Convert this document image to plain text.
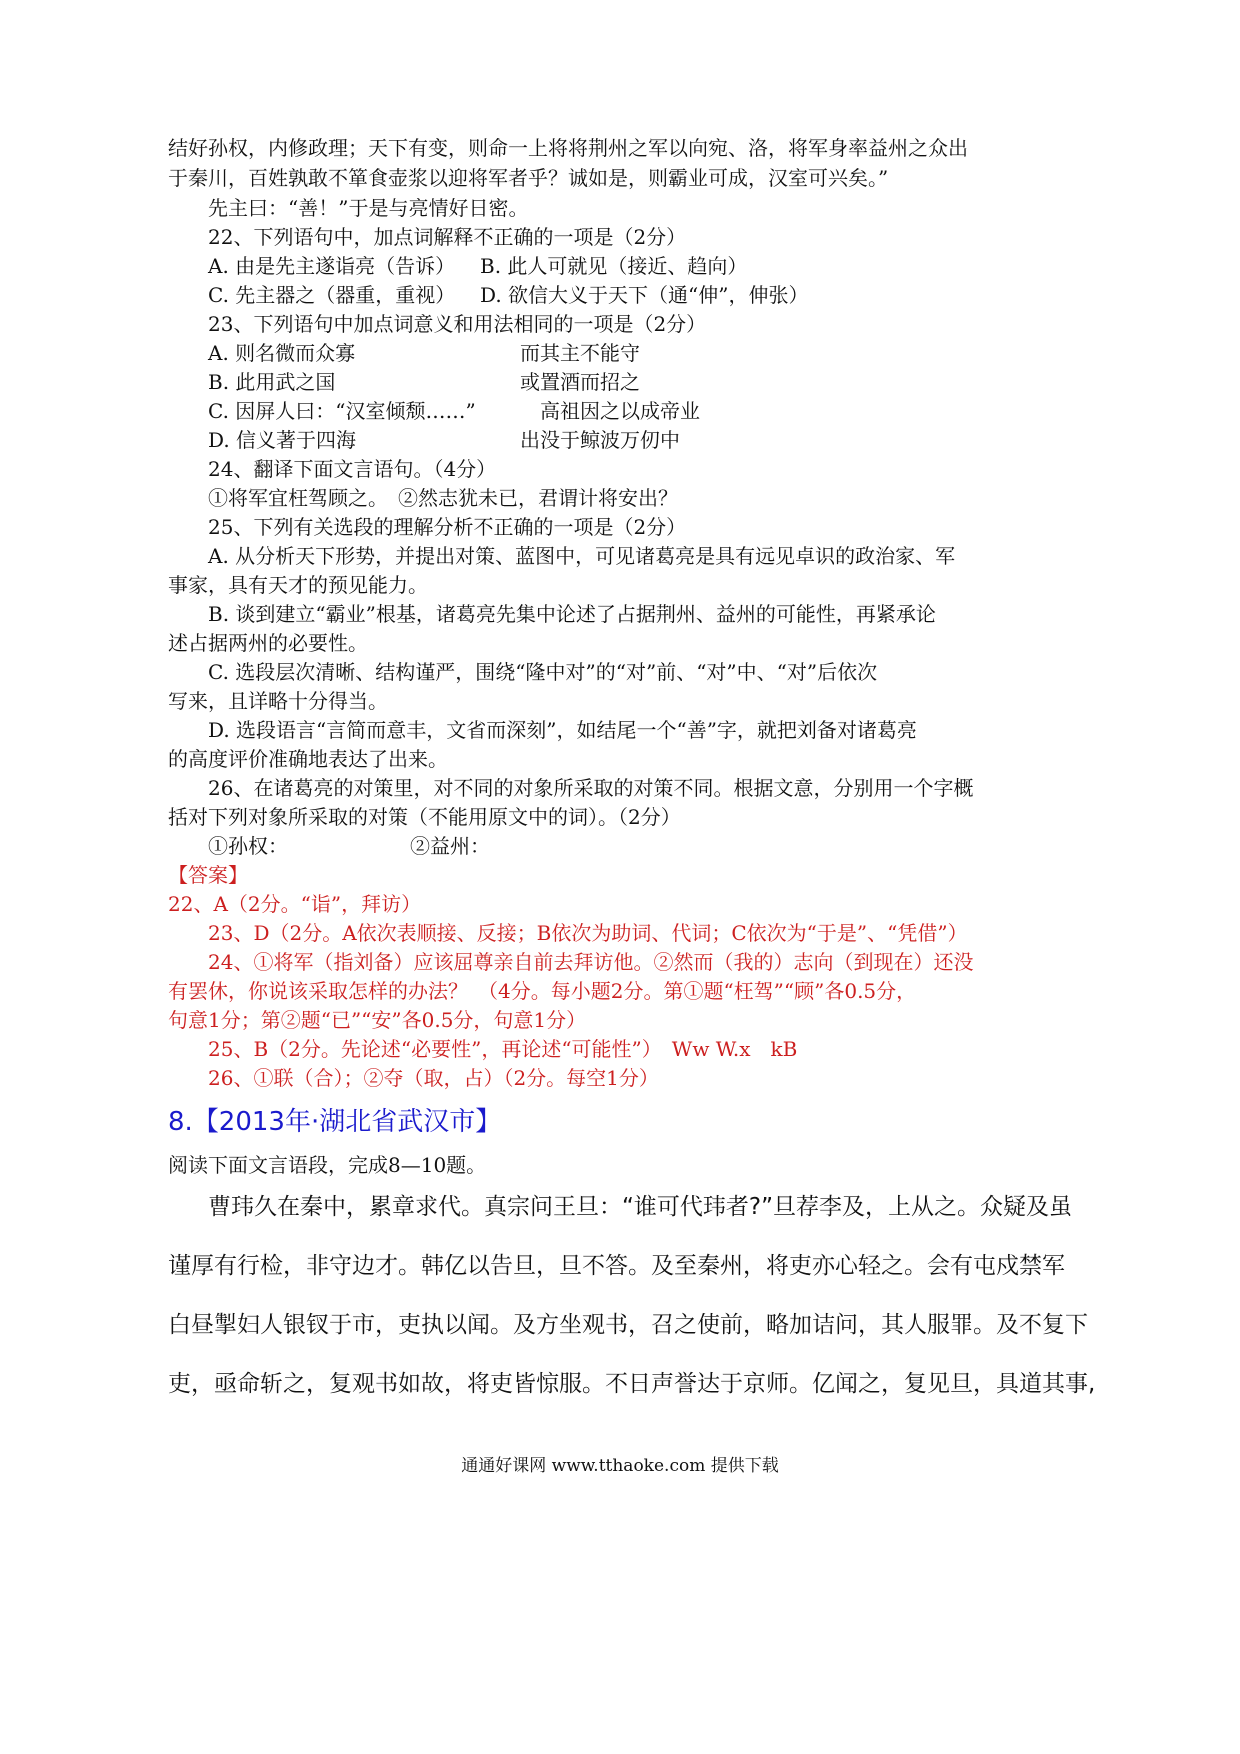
结好孙权，内修政理；天下有变，则命一上将将荆州之军以向宛、洛，将军身率益州之众出
于秦川，百姓孰敢不箪食壶浆以迎将军者乎？诚如是，则霸业可成，汉室可兴矣。”
先主曰：“善！”于是与亮情好日密。
22、下列语句中，加点词解释不正确的一项是（2分）
A. 由是先主遂诣亮（告诉）	B. 此人可就见（接近、趋向）
C. 先主器之（器重，重视）	D. 欲信大义于天下（通“伸”，伸张）
23、下列语句中加点词意义和用法相同的一项是（2分）
A. 则名微而众寡	而其主不能守
B. 此用武之国	或置酒而招之
C. 因屏人曰：“汉室倾颓……”	高祖因之以成帝业
D. 信义著于四海	出没于鲸波万仞中
24、翻译下面文言语句。（4分）
①将军宜枉驾顾之。　②然志犹未已，君谓计将安出？
25、下列有关选段的理解分析不正确的一项是（2分）
A. 从分析天下形势，并提出对策、蓝图中，可见诸葛亮是具有远见卓识的政治家、军
事家，具有天才的预见能力。
B. 谈到建立“霸业”根基，诸葛亮先集中论述了占据荆州、益州的可能性，再紧承论
述占据两州的必要性。
C. 选段层次清晰、结构谨严，围绕“隆中对”的“对”前、“对”中、“对”后依次
写来，且详略十分得当。
D. 选段语言“言简而意丰，文省而深刻”，如结尾一个“善”字，就把刘备对诸葛亮
的高度评价准确地表达了出来。
26、在诸葛亮的对策里，对不同的对象所采取的对策不同。根据文意，分别用一个字概
括对下列对象所采取的对策（不能用原文中的词）。（2分）
①孙权：	②益州：
【答案】
22、A（2分。“诣”，拜访）
23、D（2分。A依次表顺接、反接；B依次为助词、代词；C依次为“于是”、“凭借”）
24、①将军（指刘备）应该屈尊亲自前去拜访他。②然而（我的）志向（到现在）还没
有罢休，你说该采取怎样的办法？　（4分。每小题2分。第①题“枉驾”“顾”各0.5分，
句意1分；第②题“已”“安”各0.5分，句意1分）
25、B（2分。先论述“必要性”，再论述“可能性”）　Ww W.x　kB
26、①联（合）；②夺（取，占）（2分。每空1分）
8.【2013年·湖北省武汉市】
阅读下面文言语段，完成8—10题。
曹玮久在秦中，累章求代。真宗问王旦：“谁可代玮者?”旦荐李及，上从之。众疑及虽
谨厚有行检，非守边才。韩亿以告旦，旦不答。及至秦州，将吏亦心轻之。会有屯戍禁军
白昼掣妇人银钗于市，吏执以闻。及方坐观书，召之使前，略加诘问，其人服罪。及不复下
吏，亟命斩之，复观书如故，将吏皆惊服。不日声誉达于京师。亿闻之，复见旦，具道其事,
通通好课网 www.tthaoke.com 提供下载
